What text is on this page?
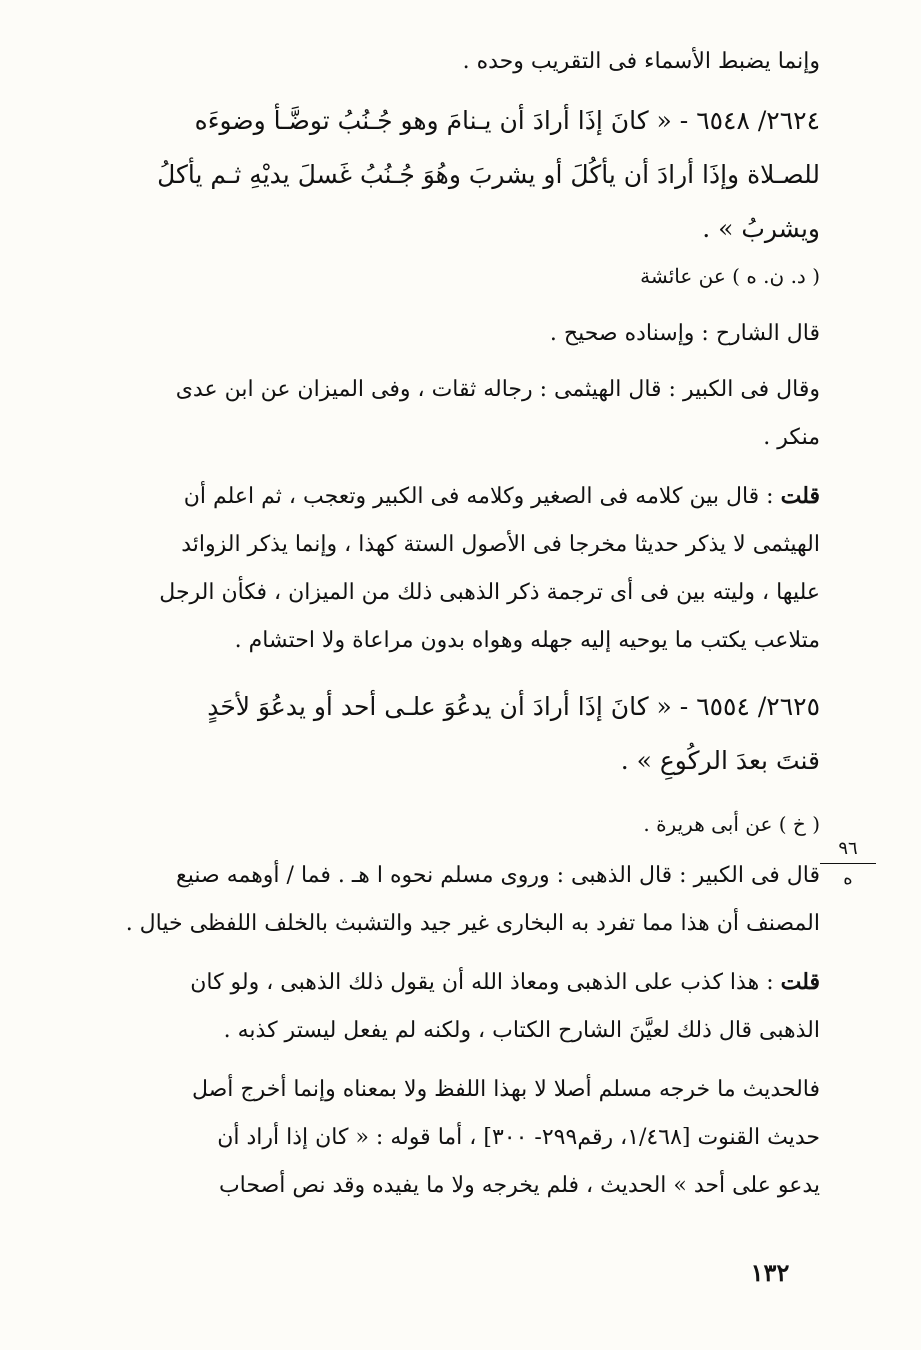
وإنما يضبط الأسماء فى التقريب وحده .
٢٦٢٤/ ٦٥٤٨ - « كانَ إذَا أرادَ أن يـنامَ وهو جُـنُبُ توضَّـأ وضوءَه
للصـلاة وإذَا أرادَ أن يأكُلَ أو يشربَ وهُوَ جُـنُبُ غَسلَ يديْهِ ثـم يأكلُ
ويشربُ » .
( د. ن. ه ) عن عائشة
قال الشارح : وإسناده صحيح .
وقال فى الكبير : قال الهيثمى : رجاله ثقات ، وفى الميزان عن ابن عدى
منكر .
قلت : قال بين كلامه فى الصغير وكلامه فى الكبير وتعجب ، ثم اعلم أن
الهيثمى لا يذكر حديثا مخرجا فى الأصول الستة كهذا ، وإنما يذكر الزوائد
عليها ، وليته بين فى أى ترجمة ذكر الذهبى ذلك من الميزان ، فكأن الرجل
متلاعب يكتب ما يوحيه إليه جهله وهواه بدون مراعاة ولا احتشام .
٢٦٢٥/ ٦٥٥٤ - « كانَ إذَا أرادَ أن يدعُوَ علـى أحد أو يدعُوَ لأحَدٍ
قنتَ بعدَ الركُوعِ » .
( خ ) عن أبى هريرة .
قال فى الكبير : قال الذهبى : وروى مسلم نحوه ا هـ . فما / أوهمه صنيع
المصنف أن هذا مما تفرد به البخارى غير جيد والتشبث بالخلف اللفظى خيال .
قلت : هذا كذب على الذهبى ومعاذ الله أن يقول ذلك الذهبى ، ولو كان
الذهبى قال ذلك لعيَّنَ الشارح الكتاب ، ولكنه لم يفعل ليستر كذبه .
فالحديث ما خرجه مسلم أصلا لا بهذا اللفظ ولا بمعناه وإنما أخرج أصل
حديث القنوت [١/٤٦٨، رقم٢٩٩- ٣٠٠] ، أما قوله : « كان إذا أراد أن
يدعو على أحد » الحديث ، فلم يخرجه ولا ما يفيده وقد نص أصحاب
٩٦
ه
١٣٢
